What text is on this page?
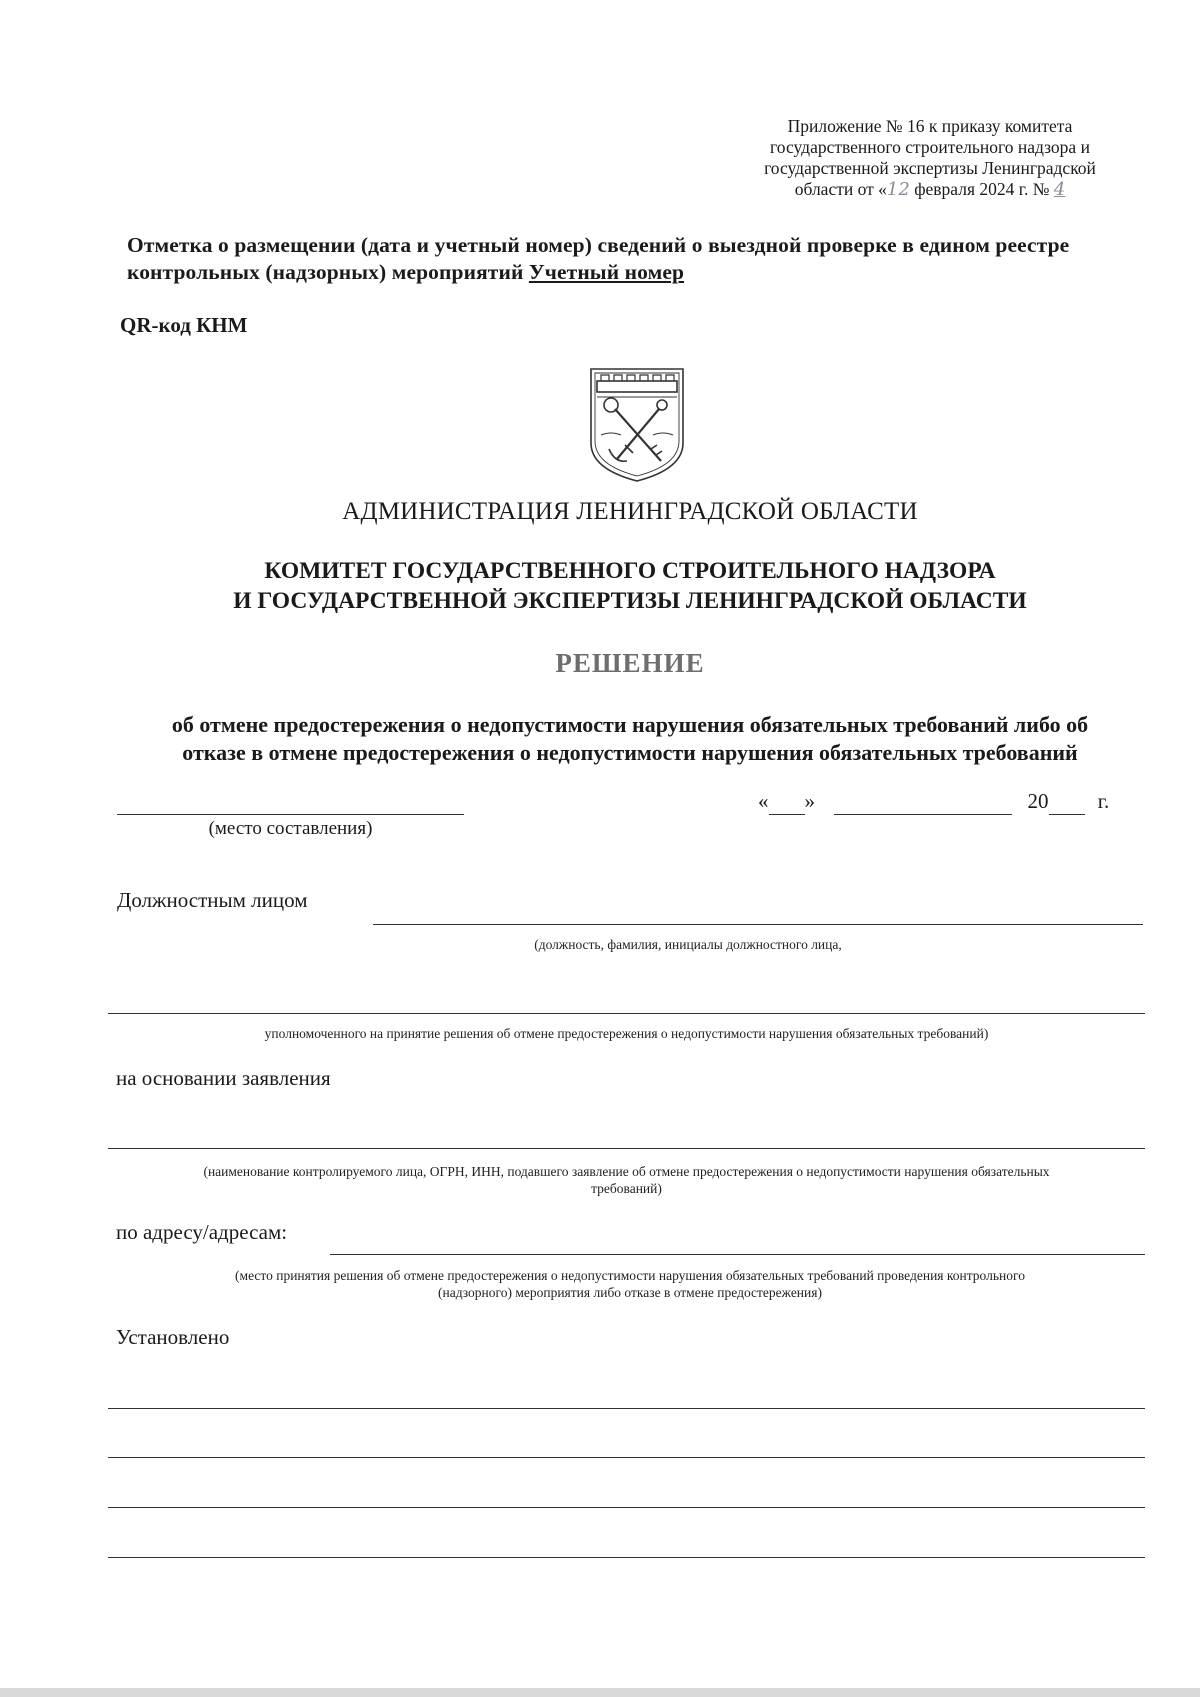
Приложение № 16 к приказу комитета
государственного строительного надзора и
государственной экспертизы Ленинградской
области от «12 февраля 2024 г. № 4
Отметка о размещении (дата и учетный номер) сведений о выездной проверке в едином реестре контрольных (надзорных) мероприятий Учетный номер
QR-код КНМ
АДМИНИСТРАЦИЯ ЛЕНИНГРАДСКОЙ ОБЛАСТИ
КОМИТЕТ ГОСУДАРСТВЕННОГО СТРОИТЕЛЬНОГО НАДЗОРА
И ГОСУДАРСТВЕННОЙ ЭКСПЕРТИЗЫ ЛЕНИНГРАДСКОЙ ОБЛАСТИ
РЕШЕНИЕ
об отмене предостережения о недопустимости нарушения обязательных требований либо об
отказе в отмене предостережения о недопустимости нарушения обязательных требований
(место составления)
« »	20 г.
Должностным лицом
(должность, фамилия, инициалы должностного лица,
уполномоченного на принятие решения об отмене предостережения о недопустимости нарушения обязательных требований)
на основании заявления
(наименование контролируемого лица, ОГРН, ИНН, подавшего заявление об отмене предостережения о недопустимости нарушения обязательных
требований)
по адресу/адресам:
(место принятия решения об отмене предостережения о недопустимости нарушения обязательных требований проведения контрольного
(надзорного) мероприятия либо отказе в отмене предостережения)
Установлено
